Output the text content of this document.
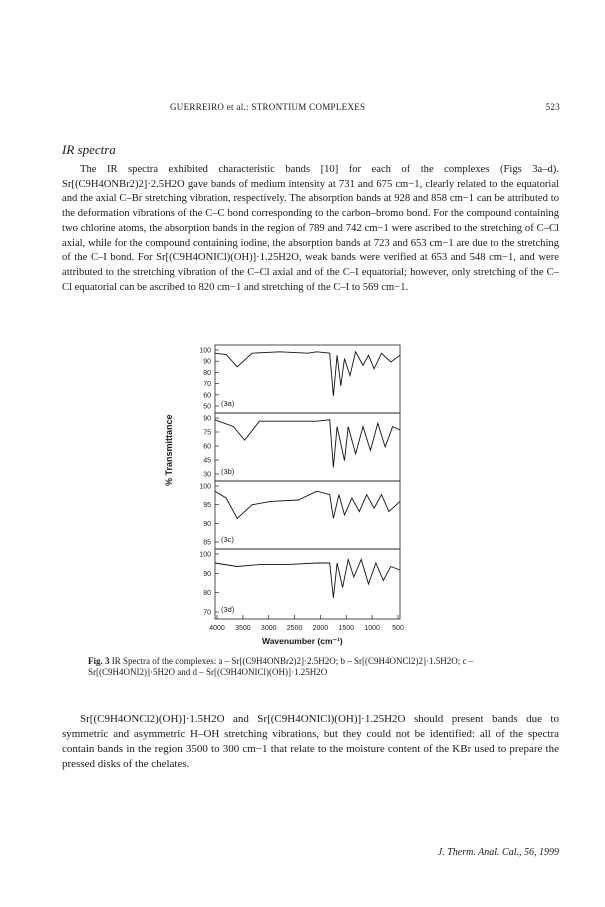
GUERREIRO et al.: STRONTIUM COMPLEXES	523
IR spectra
The IR spectra exhibited characteristic bands [10] for each of the complexes (Figs 3a–d). Sr[(C9H4ONBr2)2]·2.5H2O gave bands of medium intensity at 731 and 675 cm−1, clearly related to the equatorial and the axial C–Br stretching vibration, respectively. The absorption bands at 928 and 858 cm−1 can be attributed to the deformation vibrations of the C–C bond corresponding to the carbon–bromo bond. For the compound containing two chlorine atoms, the absorption bands in the region of 789 and 742 cm−1 were ascribed to the stretching of C–Cl axial, while for the compound containing iodine, the absorption bands at 723 and 653 cm−1 are due to the stretching of the C–I bond. For Sr[(C9H4ONICl)(OH)]·1.25H2O, weak bands were verified at 653 and 548 cm−1, and were attributed to the stretching vibration of the C–Cl axial and of the C–I equatorial; however, only stretching of the C–Cl equatorial can be ascribed to 820 cm−1 and stretching of the C–I to 569 cm−1.
% Transmittance
100
90
80
70
60
50 (3a)
90
75
60
45
30 (3b)
100
95
90
85 (3c)
100
90
80
70 (3d)
4000 3500 3000 2500 2000 1500 1000 500
Wavenumber (cm⁻¹)
Fig. 3 IR Spectra of the complexes: a – Sr[(C9H4ONBr2)2]·2.5H2O; b – Sr[(C9H4ONCl2)2]·1.5H2O; c – Sr[(C9H4ONI2)]·5H2O and d – Sr[(C9H4ONICl)(OH)]·1.25H2O
Sr[(C9H4ONCl2)(OH)]·1.5H2O and Sr[(C9H4ONICl)(OH)]·1.25H2O should present bands due to symmetric and asymmetric H–OH stretching vibrations, but they could not be identified: all of the spectra contain bands in the region 3500 to 300 cm−1 that relate to the moisture content of the KBr used to prepare the pressed disks of the chelates.
J. Therm. Anal. Cal., 56, 1999
